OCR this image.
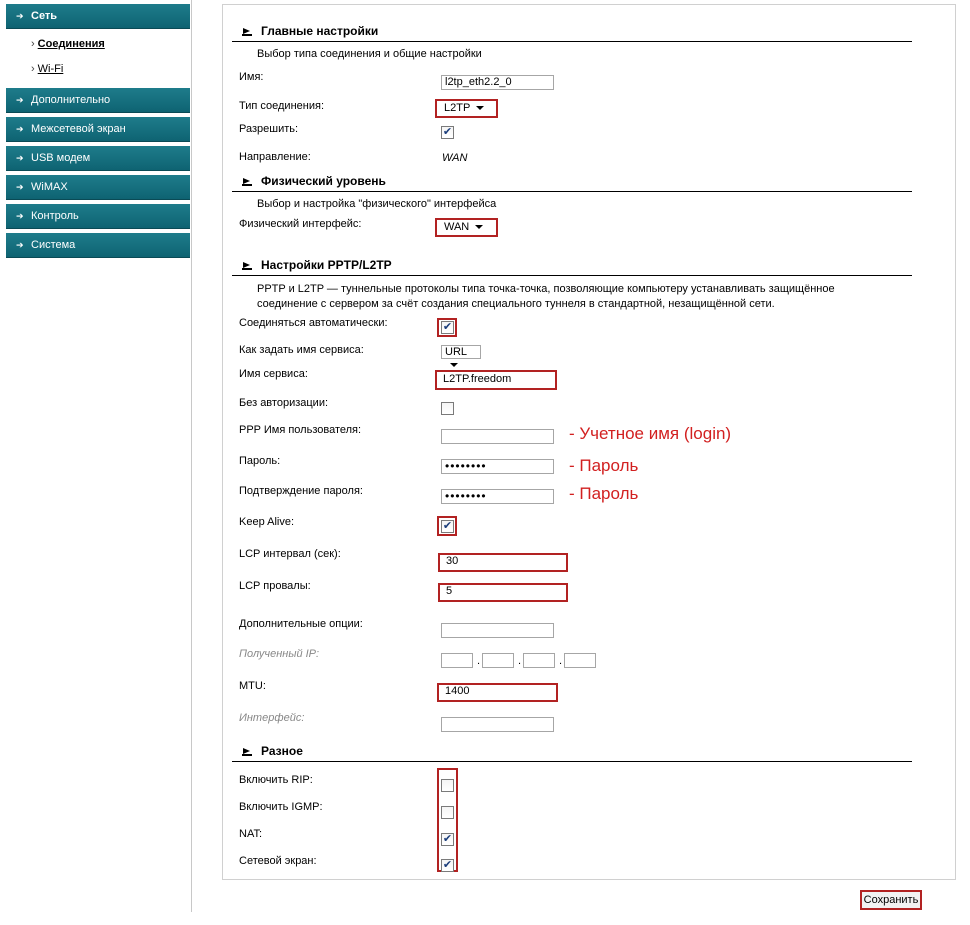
➔ Сеть
› Соединения
› Wi-Fi
➔ Дополнительно
➔ Межсетевой экран
➔ USB модем
➔ WiMAX
➔ Контроль
➔ Система
Главные настройки
Выбор типа соединения и общие настройки
Имя:	l2tp_eth2.2_0
Тип соединения:	L2TP
Разрешить:	✔
Направление:	WAN
Физический уровень
Выбор и настройка "физического" интерфейса
Физический интерфейс:	WAN
Настройки PPTP/L2TP
PPTP и L2TP — туннельные протоколы типа точка-точка, позволяющие компьютеру устанавливать защищённое соединение с сервером за счёт создания специального туннеля в стандартной, незащищённой сети.
Соединяться автоматически:	✔
Как задать имя сервиса:	URL
Имя сервиса:	L2TP.freedom
Без авторизации:
PPP Имя пользователя:	- Учетное имя (login)
Пароль:	••••••••	- Пароль
Подтверждение пароля:	••••••••	- Пароль
Keep Alive:	✔
LCP интервал (сек):
30
LCP провалы:	5
Дополнительные опции:
Полученный IP:
.	.	.
MTU:	1400
Интерфейс:
Разное
Включить RIP:
Включить IGMP:
NAT:	✔
Сетевой экран:	✔
Сохранить
